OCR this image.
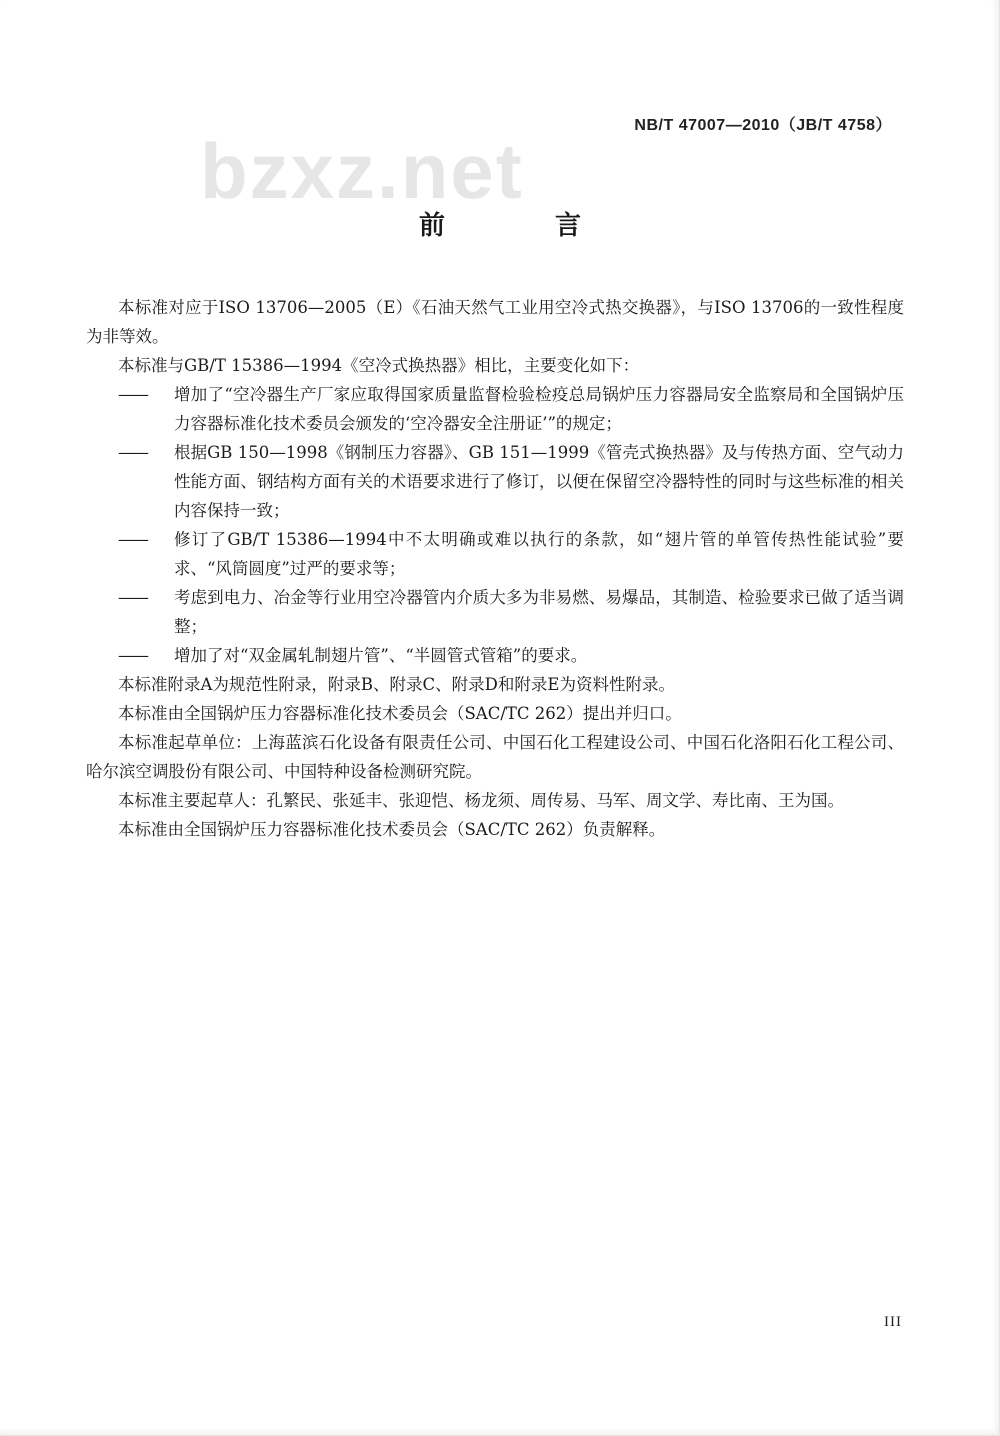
bzxz.net
NB/T 47007—2010（JB/T 4758）
前　言

本标准对应于ISO 13706—2005（E）《石油天然气工业用空冷式热交换器》，与ISO 13706的一致性程度为非等效。

本标准与GB/T 15386—1994《空冷式换热器》相比，主要变化如下：

——	增加了“空冷器生产厂家应取得国家质量监督检验检疫总局锅炉压力容器局安全监察局和全国锅炉压力容器标准化技术委员会颁发的‘空冷器安全注册证’”的规定；
——	根据GB 150—1998《钢制压力容器》、GB 151—1999《管壳式换热器》及与传热方面、空气动力性能方面、钢结构方面有关的术语要求进行了修订，以便在保留空冷器特性的同时与这些标准的相关内容保持一致；
——	修订了GB/T 15386—1994中不太明确或难以执行的条款，如“翅片管的单管传热性能试验”要求、“风筒圆度”过严的要求等；
——	考虑到电力、冶金等行业用空冷器管内介质大多为非易燃、易爆品，其制造、检验要求已做了适当调整；
——	增加了对“双金属轧制翅片管”、“半圆管式管箱”的要求。

本标准附录A为规范性附录，附录B、附录C、附录D和附录E为资料性附录。

本标准由全国锅炉压力容器标准化技术委员会（SAC/TC 262）提出并归口。

本标准起草单位：上海蓝滨石化设备有限责任公司、中国石化工程建设公司、中国石化洛阳石化工程公司、哈尔滨空调股份有限公司、中国特种设备检测研究院。

本标准主要起草人：孔繁民、张延丰、张迎恺、杨龙须、周传易、马军、周文学、寿比南、王为国。

本标准由全国锅炉压力容器标准化技术委员会（SAC/TC 262）负责解释。

III
